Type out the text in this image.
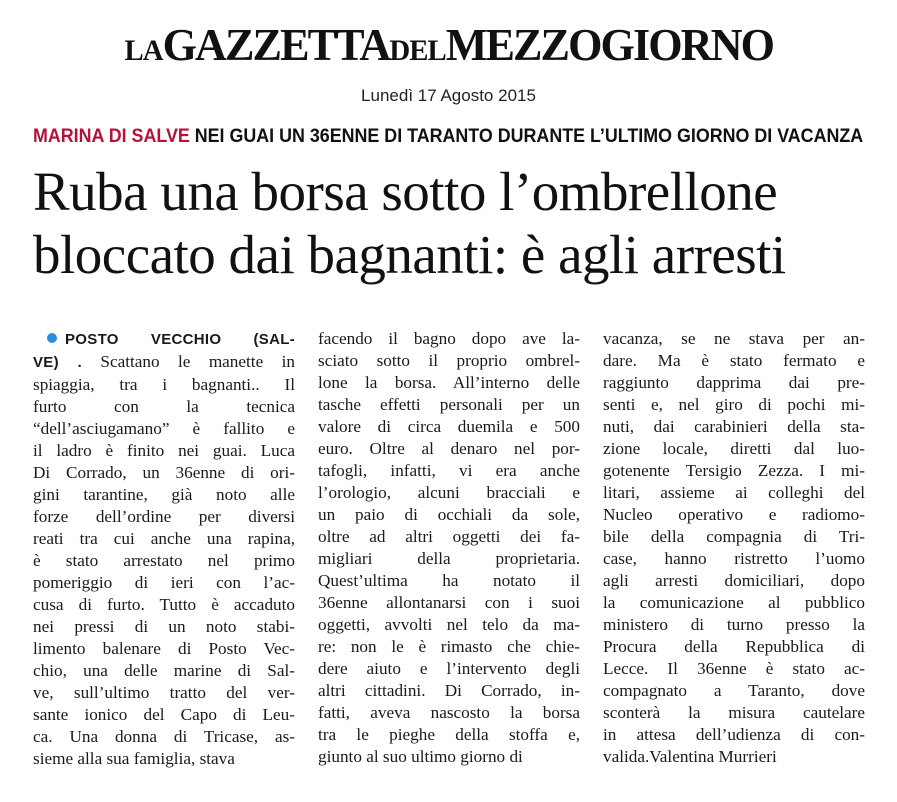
LAGAZZETTADELMEZZOGIORNO
Lunedì 17 Agosto 2015
MARINA DI SALVE NEI GUAI UN 36ENNE DI TARANTO DURANTE L’ULTIMO GIORNO DI VACANZA
Ruba una borsa sotto l’ombrellone
bloccato dai bagnanti: è agli arresti
POSTO VECCHIO (SAL-
VE) . Scattano le manette in
spiaggia, tra i bagnanti.. Il
furto con la tecnica
“dell’asciugamano” è fallito e
il ladro è finito nei guai. Luca
Di Corrado, un 36enne di ori-
gini tarantine, già noto alle
forze dell’ordine per diversi
reati tra cui anche una rapina,
è stato arrestato nel primo
pomeriggio di ieri con l’ac-
cusa di furto. Tutto è accaduto
nei pressi di un noto stabi-
limento balenare di Posto Vec-
chio, una delle marine di Sal-
ve, sull’ultimo tratto del ver-
sante ionico del Capo di Leu-
ca. Una donna di Tricase, as-
sieme alla sua famiglia, stava
facendo il bagno dopo ave la-
sciato sotto il proprio ombrel-
lone la borsa. All’interno delle
tasche effetti personali per un
valore di circa duemila e 500
euro. Oltre al denaro nel por-
tafogli, infatti, vi era anche
l’orologio, alcuni bracciali e
un paio di occhiali da sole,
oltre ad altri oggetti dei fa-
migliari della proprietaria.
Quest’ultima ha notato il
36enne allontanarsi con i suoi
oggetti, avvolti nel telo da ma-
re: non le è rimasto che chie-
dere aiuto e l’intervento degli
altri cittadini. Di Corrado, in-
fatti, aveva nascosto la borsa
tra le pieghe della stoffa e,
giunto al suo ultimo giorno di
vacanza, se ne stava per an-
dare. Ma è stato fermato e
raggiunto dapprima dai pre-
senti e, nel giro di pochi mi-
nuti, dai carabinieri della sta-
zione locale, diretti dal luo-
gotenente Tersigio Zezza. I mi-
litari, assieme ai colleghi del
Nucleo operativo e radiomo-
bile della compagnia di Tri-
case, hanno ristretto l’uomo
agli arresti domiciliari, dopo
la comunicazione al pubblico
ministero di turno presso la
Procura della Repubblica di
Lecce. Il 36enne è stato ac-
compagnato a Taranto, dove
sconterà la misura cautelare
in attesa dell’udienza di con-
valida.Valentina Murrieri
